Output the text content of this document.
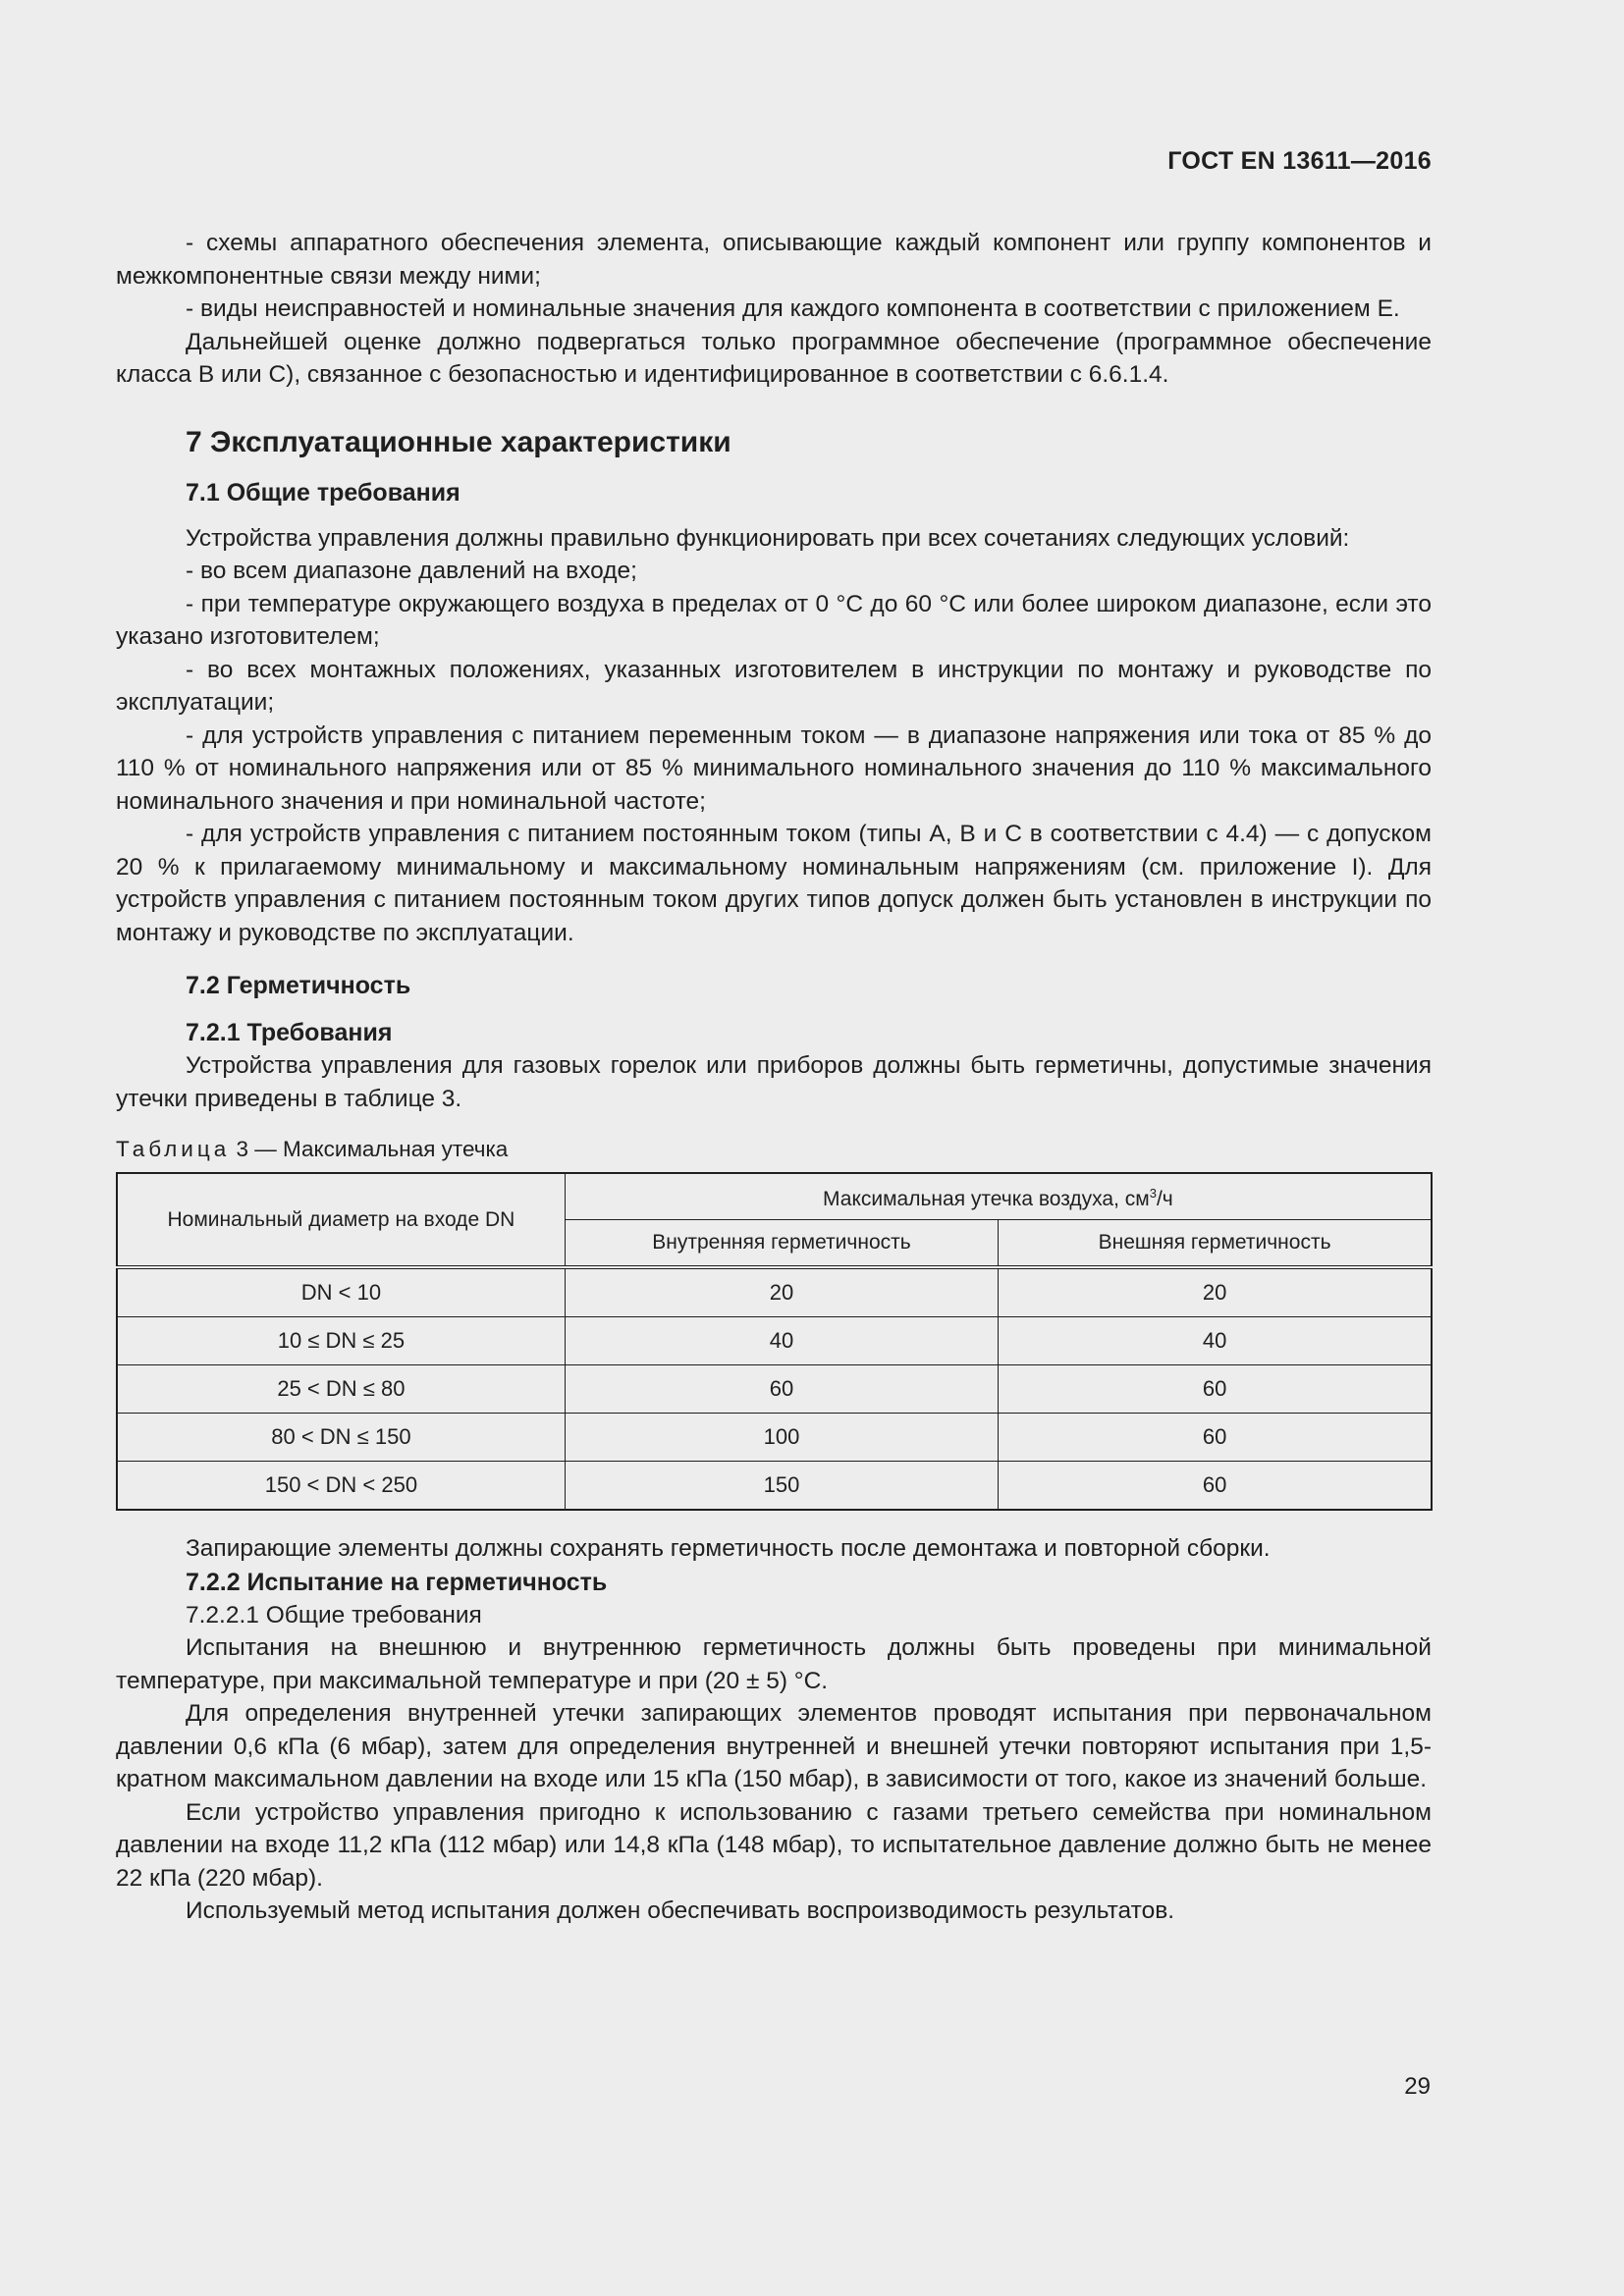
ГОСТ EN 13611—2016

- схемы аппаратного обеспечения элемента, описывающие каждый компонент или группу компонентов и межкомпонентные связи между ними;

- виды неисправностей и номинальные значения для каждого компонента в соответствии с приложением Е.

Дальнейшей оценке должно подвергаться только программное обеспечение (программное обеспечение класса В или С), связанное с безопасностью и идентифицированное в соответствии с 6.6.1.4.

7 Эксплуатационные характеристики
7.1 Общие требования

Устройства управления должны правильно функционировать при всех сочетаниях следующих условий:

- во всем диапазоне давлений на входе;

- при температуре окружающего воздуха в пределах от 0 °С до 60 °С или более широком диапазоне, если это указано изготовителем;

- во всех монтажных положениях, указанных изготовителем в инструкции по монтажу и руководстве по эксплуатации;

- для устройств управления с питанием переменным током — в диапазоне напряжения или тока от 85 % до 110 % от номинального напряжения или от 85 % минимального номинального значения до 110 % максимального номинального значения и при номинальной частоте;

- для устройств управления с питанием постоянным током (типы А, В и С в соответствии с 4.4) — с допуском 20 % к прилагаемому минимальному и максимальному номинальным напряжениям (см. приложение I). Для устройств управления с питанием постоянным током других типов допуск должен быть установлен в инструкции по монтажу и руководстве по эксплуатации.

7.2 Герметичность
7.2.1 Требования

Устройства управления для газовых горелок или приборов должны быть герметичны, допустимые значения утечки приведены в таблице 3.

Таблица 3 — Максимальная утечка

Номинальный диаметр на входе DN	Максимальная утечка воздуха, $см^3/ч$	
	Внутренняя герметичность	Внешняя герметичность
DN < 10	20	20
10 ≤ DN ≤ 25	40	40
25 < DN ≤ 80	60	60
80 < DN ≤ 150	100	60
150 < DN < 250	150	60

Запирающие элементы должны сохранять герметичность после демонтажа и повторной сборки.

7.2.2 Испытание на герметичность

7.2.2.1 Общие требования

Испытания на внешнюю и внутреннюю герметичность должны быть проведены при минимальной температуре, при максимальной температуре и при (20 ± 5) °С.

Для определения внутренней утечки запирающих элементов проводят испытания при первоначальном давлении 0,6 кПа (6 мбар), затем для определения внутренней и внешней утечки повторяют испытания при 1,5-кратном максимальном давлении на входе или 15 кПа (150 мбар), в зависимости от того, какое из значений больше.

Если устройство управления пригодно к использованию с газами третьего семейства при номинальном давлении на входе 11,2 кПа (112 мбар) или 14,8 кПа (148 мбар), то испытательное давление должно быть не менее 22 кПа (220 мбар).

Используемый метод испытания должен обеспечивать воспроизводимость результатов.

29
